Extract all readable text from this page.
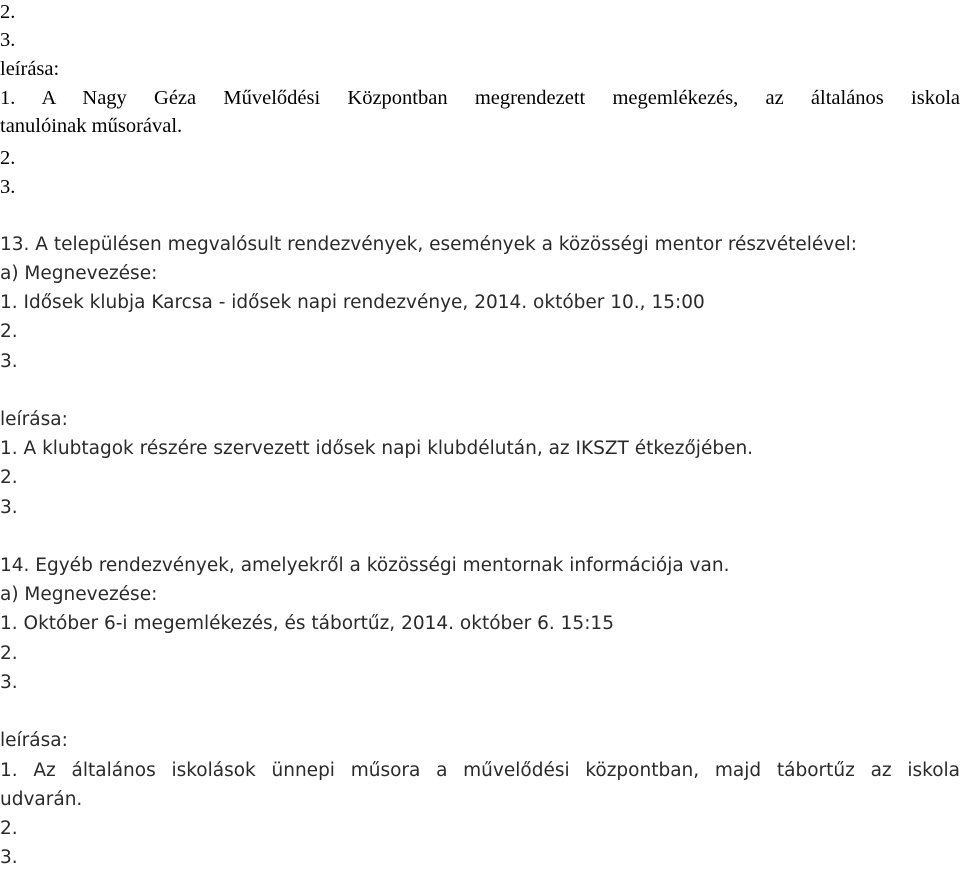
2.
3.
leírása:
1. A Nagy Géza Művelődési Központban megrendezett megemlékezés, az általános iskola
tanulóinak műsorával.
2.
3.
13. A településen megvalósult rendezvények, események a közösségi mentor részvételével:
a) Megnevezése:
1. Idősek klubja Karcsa - idősek napi rendezvénye, 2014. október 10., 15:00
2.
3.
leírása:
1. A klubtagok részére szervezett idősek napi klubdélután, az IKSZT étkezőjében.
2.
3.
14. Egyéb rendezvények, amelyekről a közösségi mentornak információja van.
a) Megnevezése:
1. Október 6-i megemlékezés, és tábortűz, 2014. október 6. 15:15
2.
3.
leírása:
1. Az általános iskolások ünnepi műsora a művelődési központban, majd tábortűz az iskola
udvarán.
2.
3.
